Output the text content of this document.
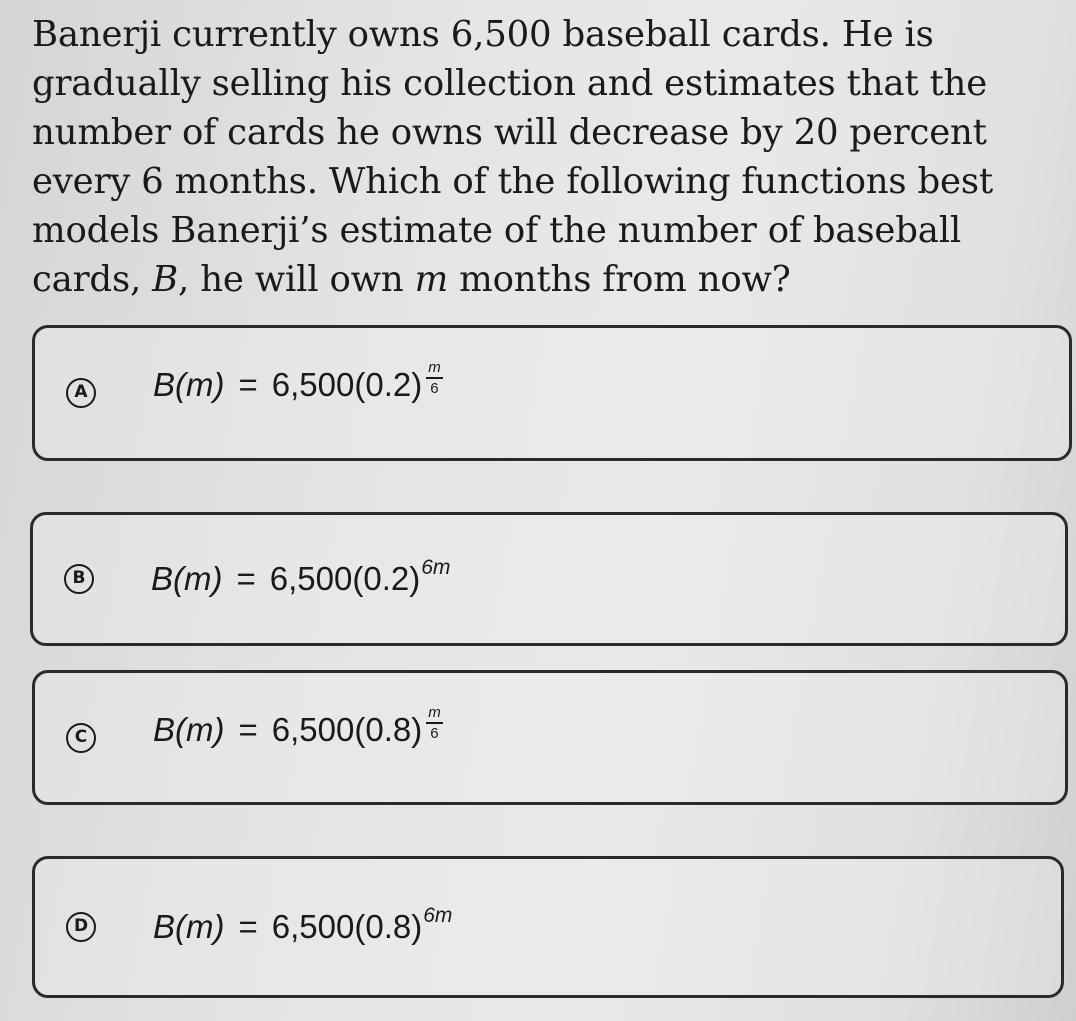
Banerji currently owns 6,500 baseball cards. He is gradually selling his collection and estimates that the number of cards he owns will decrease by 20 percent every 6 months. Which of the following functions best models Banerji’s estimate of the number of baseball cards, B, he will own m months from now?
A $B(m) = 6,500(0.2) \frac{m}{6}$
B B(m) = 6,500(0.2) 6m
C $B(m) = 6,500(0.8) \frac{m}{6}$
D B(m) = 6,500(0.8) 6m
